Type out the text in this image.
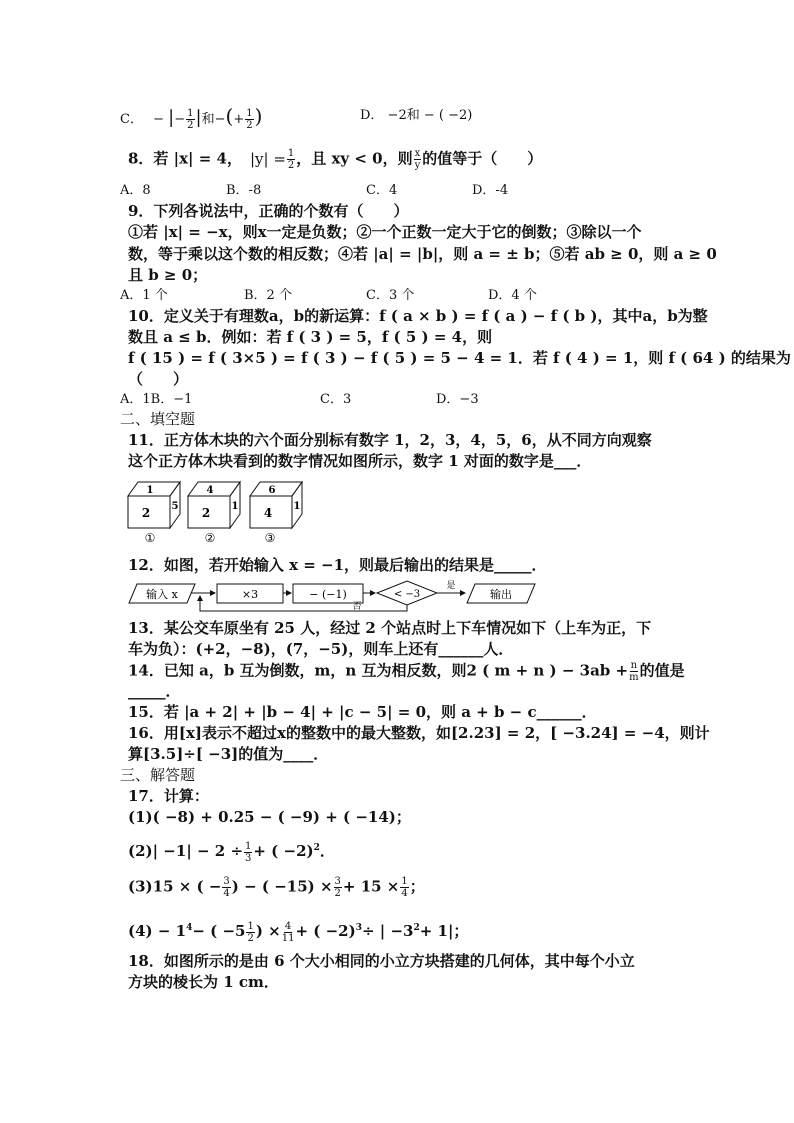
C． − |− $\frac{1}{2}$ |和−(+ $\frac{1}{2}$ )	D． −2和 − ( −2)
8．若 |x| = 4， $|y| = \frac{1}{2}$ ，且 xy < 0，则 $\frac{x}{y}$ 的值等于（　　）
A．8	B．-8	C．4	D．-4
9．下列各说法中，正确的个数有（　　）
①若 |x| = −x，则x一定是负数；②一个正数一定大于它的倒数；③除以一个
数，等于乘以这个数的相反数；④若 |a| = |b|，则 a = ± b；⑤若 ab ≥ 0，则 a ≥ 0
且 b ≥ 0；
A．1 个	B．2 个	C．3 个	D．4 个
10．定义关于有理数a，b的新运算：f ( a × b ) = f ( a ) − f ( b )，其中a，b为整
数且 a ≤ b．例如：若 f ( 3 ) = 5，f ( 5 ) = 4，则
f ( 15 ) = f ( 3×5 ) = f ( 3 ) − f ( 5 ) = 5 − 4 = 1．若 f ( 4 ) = 1，则 f ( 64 ) 的结果为
（　　）
A．1B．−1	C．3	D．−3
二、填空题
11．正方体木块的六个面分别标有数字 1，2，3，4，5，6，从不同方向观察
这个正方体木块看到的数字情况如图所示，数字 1 对面的数字是___．
1
2 5
①
4
2 1
②
6
4 1
③
12．如图，若开始输入 x = −1，则最后输出的结果是_____．
输入 x	×3	− (−1)	< −3
是
输出
否
13．某公交车原坐有 25 人，经过 2 个站点时上下车情况如下（上车为正，下
车为负）：(+2，−8)，(7，−5)，则车上还有______人．
14．已知 a，b 互为倒数，m，n 互为相反数，则2 ( m + n ) − $3ab + \frac{n}{m}$ 的值是
_____．
15．若 |a + 2| + |b − 4| + |c − 5| = 0，则 a + b − c______．
16．用[x]表示不超过x的整数中的最大整数，如[2.23] = 2，[ −3.24] = −4，则计
算[3.5]÷[ −3]的值为____．
三、解答题
17．计算：
(1)( −8) + 0.25 − ( −9) + ( −14)；
$(2)| -1| - 2 \div \frac{1}{3}$ + ( −2)$^2$．
(3)15 × ( − $\frac{3}{4}$ ) − ( $-15) \times \frac{3}{2} + 15 \times \frac{1}{4}$ ；
$(4) - 1^4-$ ( $-5 \frac{1}{2}$ ) × $\frac{4}{11}$ + ( −2)$^3$÷ | $-3^2+ 1|$；
18．如图所示的是由 6 个大小相同的小立方块搭建的几何体，其中每个小立
方块的棱长为 1 cm．
